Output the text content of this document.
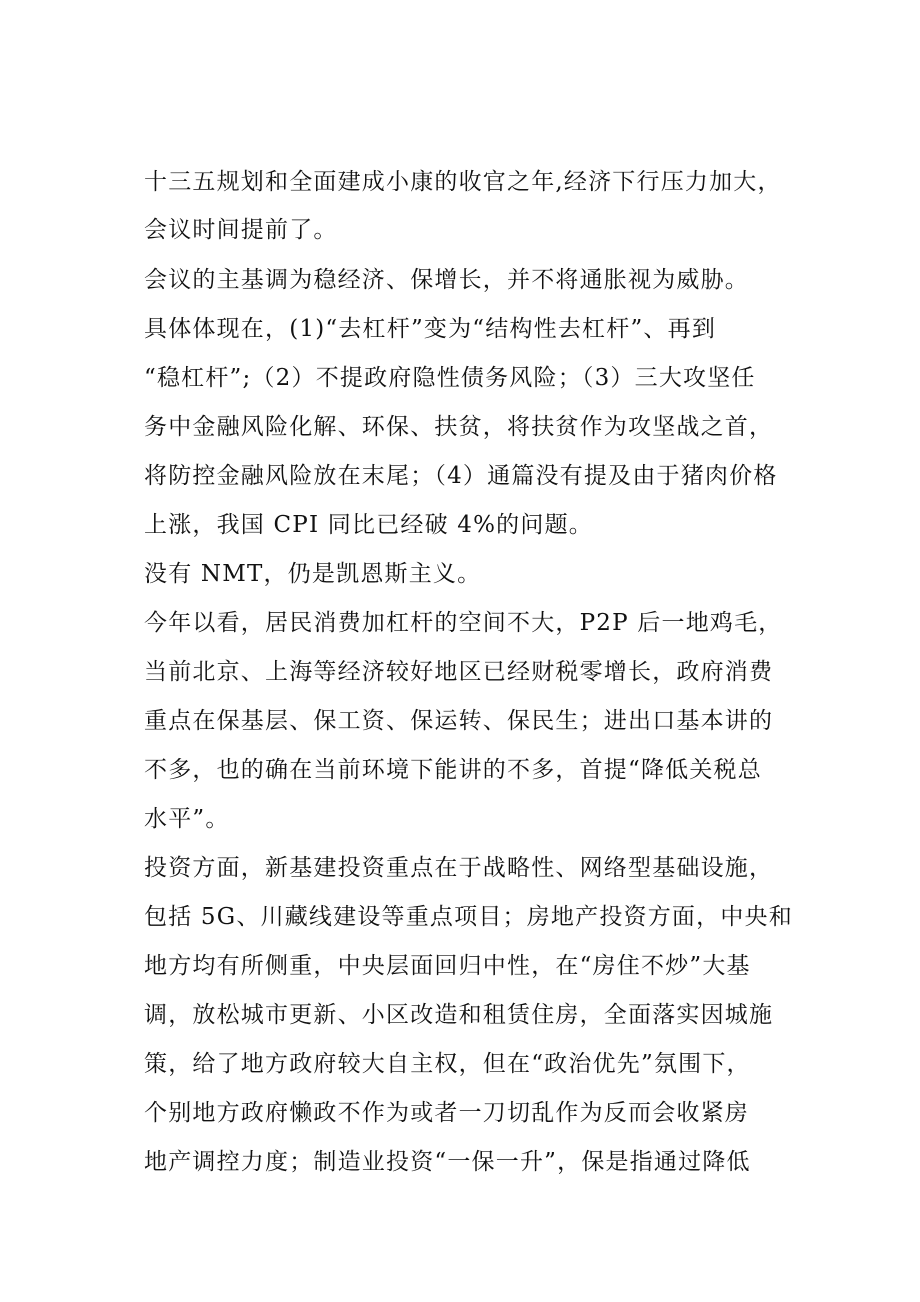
十三五规划和全面建成小康的收官之年,经济下行压力加大，
会议时间提前了。
会议的主基调为稳经济、保增长，并不将通胀视为威胁。
具体体现在，(1)“去杠杆”变为“结构性去杠杆”、再到
“稳杠杆”;（2）不提政府隐性债务风险；（3）三大攻坚任
务中金融风险化解、环保、扶贫，将扶贫作为攻坚战之首，
将防控金融风险放在末尾；（4）通篇没有提及由于猪肉价格
上涨，我国 CPI 同比已经破 4%的问题。
没有 NMT，仍是凯恩斯主义。
今年以看，居民消费加杠杆的空间不大，P2P 后一地鸡毛，
当前北京、上海等经济较好地区已经财税零增长，政府消费
重点在保基层、保工资、保运转、保民生；进出口基本讲的
不多，也的确在当前环境下能讲的不多，首提“降低关税总
水平”。
投资方面，新基建投资重点在于战略性、网络型基础设施，
包括 5G、川藏线建设等重点项目；房地产投资方面，中央和
地方均有所侧重，中央层面回归中性，在“房住不炒”大基
调，放松城市更新、小区改造和租赁住房，全面落实因城施
策，给了地方政府较大自主权，但在“政治优先”氛围下，
个别地方政府懒政不作为或者一刀切乱作为反而会收紧房
地产调控力度；制造业投资“一保一升”，保是指通过降低
